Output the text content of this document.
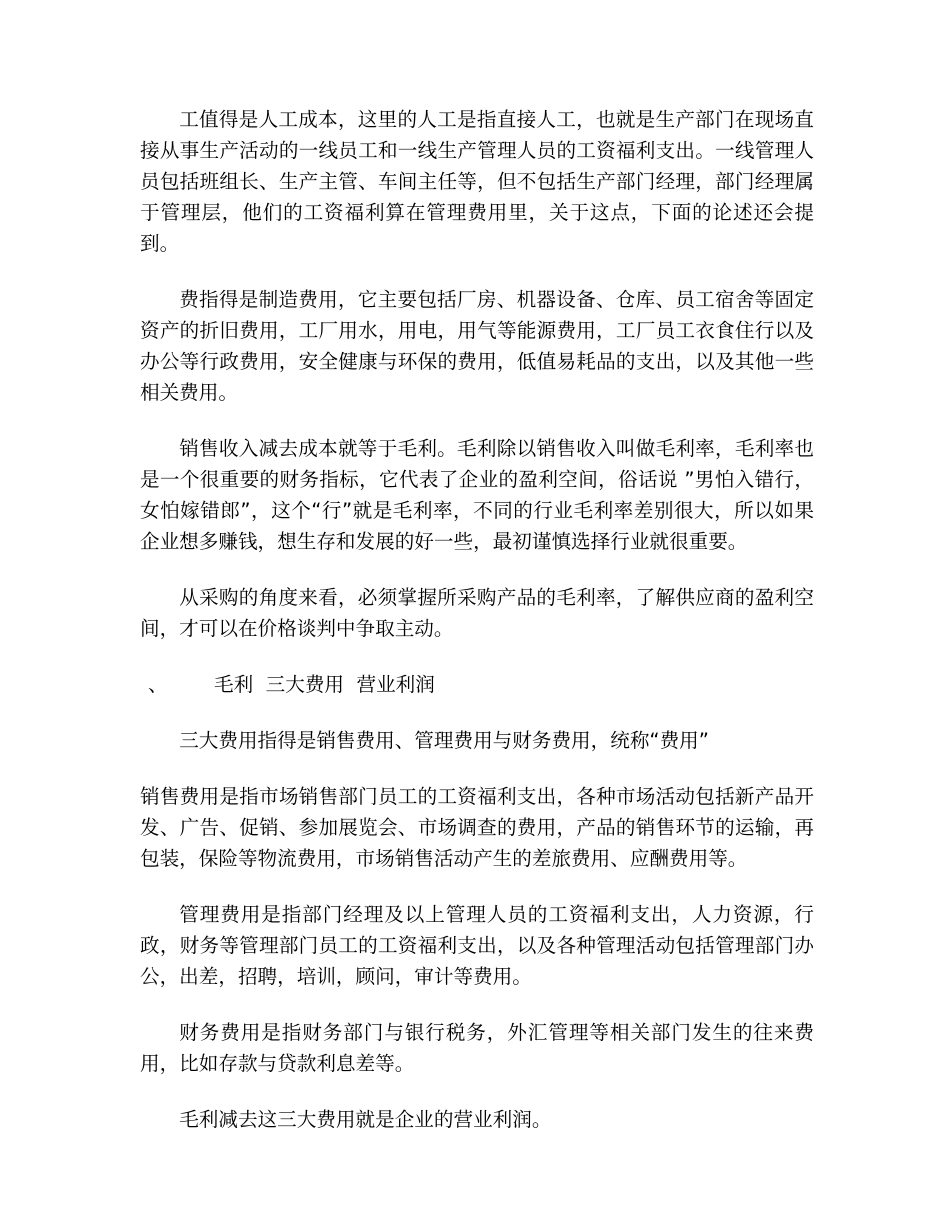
工值得是人工成本，这里的人工是指直接人工，也就是生产部门在现场直接从事生产活动的一线员工和一线生产管理人员的工资福利支出。一线管理人员包括班组长、生产主管、车间主任等，但不包括生产部门经理，部门经理属于管理层，他们的工资福利算在管理费用里，关于这点，下面的论述还会提到。

费指得是制造费用，它主要包括厂房、机器设备、仓库、员工宿舍等固定资产的折旧费用，工厂用水，用电，用气等能源费用，工厂员工衣食住行以及办公等行政费用，安全健康与环保的费用，低值易耗品的支出，以及其他一些相关费用。

销售收入减去成本就等于毛利。毛利除以销售收入叫做毛利率，毛利率也是一个很重要的财务指标，它代表了企业的盈利空间，俗话说 ”男怕入错行，女怕嫁错郎”，这个“行”就是毛利率，不同的行业毛利率差别很大，所以如果企业想多赚钱，想生存和发展的好一些，最初谨慎选择行业就很重要。

从采购的角度来看，必须掌握所采购产品的毛利率，了解供应商的盈利空间，才可以在价格谈判中争取主动。

、 毛利  三大费用  营业利润

三大费用指得是销售费用、管理费用与财务费用，统称“费用”

销售费用是指市场销售部门员工的工资福利支出，各种市场活动包括新产品开发、广告、促销、参加展览会、市场调查的费用，产品的销售环节的运输，再包装，保险等物流费用，市场销售活动产生的差旅费用、应酬费用等。

管理费用是指部门经理及以上管理人员的工资福利支出，人力资源，行政，财务等管理部门员工的工资福利支出，以及各种管理活动包括管理部门办公，出差，招聘，培训，顾问，审计等费用。

财务费用是指财务部门与银行税务，外汇管理等相关部门发生的往来费用，比如存款与贷款利息差等。

毛利减去这三大费用就是企业的营业利润。
